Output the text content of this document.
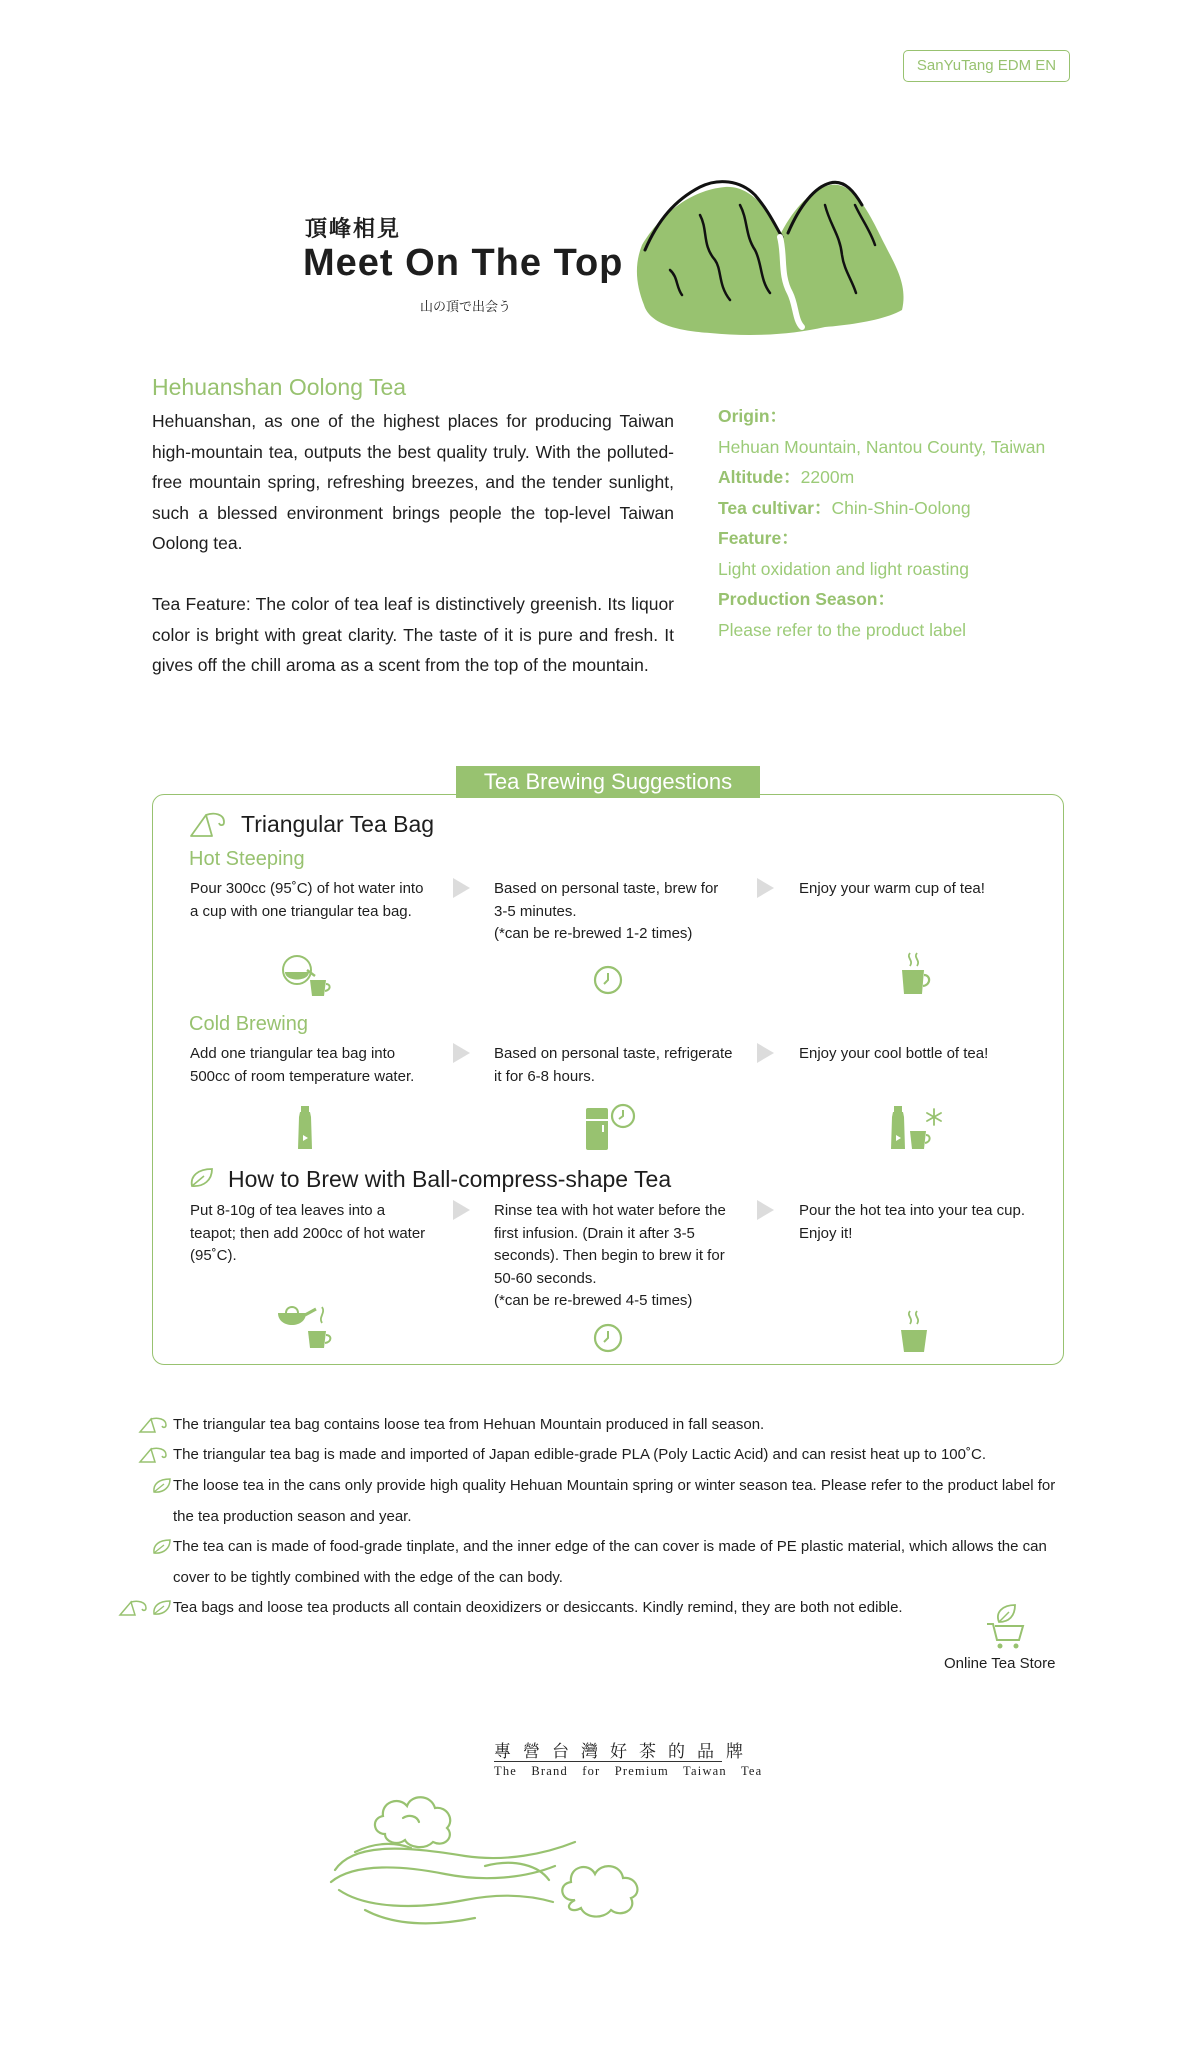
SanYuTang EDM EN
頂峰相見
Meet On The Top
山の頂で出会う
Hehuanshan Oolong Tea

Hehuanshan, as one of the highest places for producing Taiwan high-mountain tea, outputs the best quality truly. With the polluted-free mountain spring, refreshing breezes, and the tender sunlight, such a blessed environment brings people the top-level Taiwan Oolong tea.

Tea Feature: The color of tea leaf is distinctively greenish. Its liquor color is bright with great clarity. The taste of it is pure and fresh. It gives off the chill aroma as a scent from the top of the mountain.

Origin：
Hehuan Mountain, Nantou County, Taiwan
Altitude：2200m
Tea cultivar：Chin-Shin-Oolong
Feature：
Light oxidation and light roasting
Production Season：
Please refer to the product label
Tea Brewing Suggestions
Triangular Tea Bag
Hot Steeping
Pour 300cc (95˚C) of hot water into a cup with one triangular tea bag.
Based on personal taste, brew for 3-5 minutes.
(*can be re-brewed 1-2 times)
Enjoy your warm cup of tea!
Cold Brewing
Add one triangular tea bag into 500cc of room temperature water.
Based on personal taste, refrigerate it for 6-8 hours.
Enjoy your cool bottle of tea!
How to Brew with Ball-compress-shape Tea
Put 8-10g of tea leaves into a teapot; then add 200cc of hot water (95˚C).
Rinse tea with hot water before the first infusion. (Drain it after 3-5 seconds). Then begin to brew it for 50-60 seconds.
(*can be re-brewed 4-5 times)
Pour the hot tea into your tea cup. Enjoy it!
The triangular tea bag contains loose tea from Hehuan Mountain produced in fall season.
The triangular tea bag is made and imported of Japan edible-grade PLA (Poly Lactic Acid) and can resist heat up to 100˚C.
The loose tea in the cans only provide high quality Hehuan Mountain spring or winter season tea. Please refer to the product label for the tea production season and year.
The tea can is made of food-grade tinplate, and the inner edge of the can cover is made of PE plastic material, which allows the can cover to be tightly combined with the edge of the can body.
Tea bags and loose tea products all contain deoxidizers or desiccants. Kindly remind, they are both not edible.
Online Tea Store
專營台灣好茶的品牌
The Brand for Premium Taiwan Tea
